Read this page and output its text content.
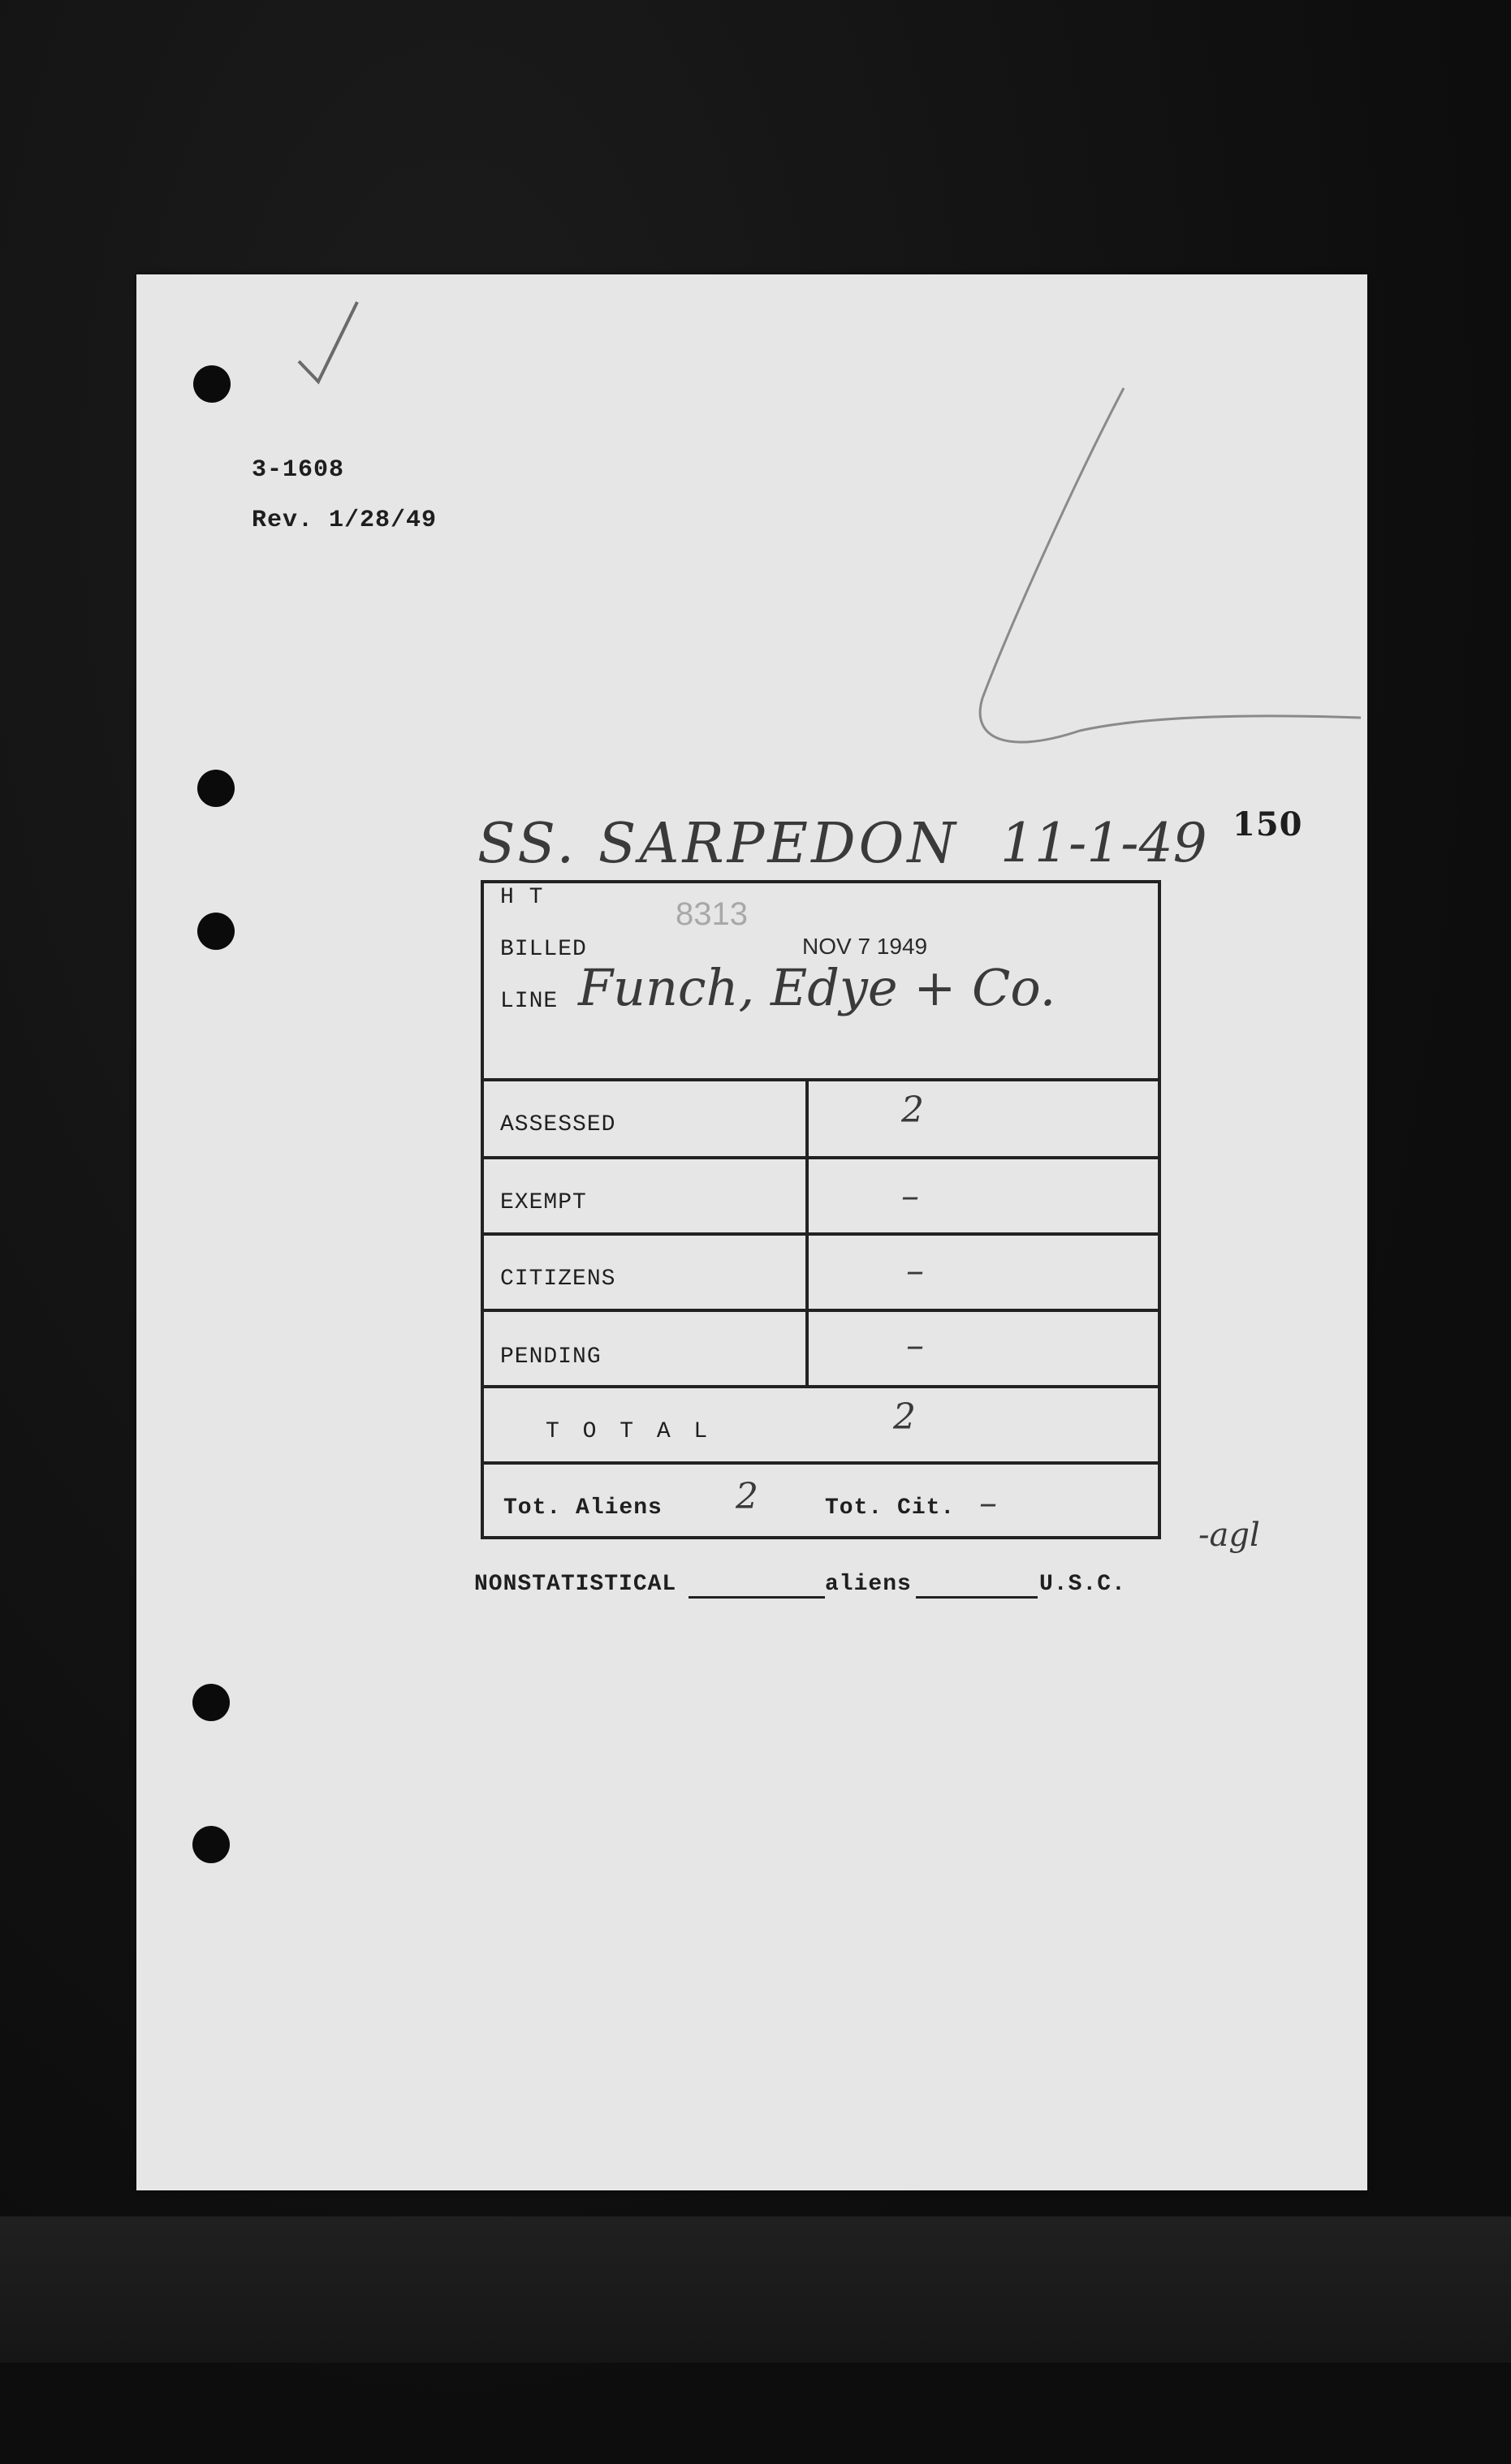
3-1608
Rev. 1/28/49
SS. SARPEDON 11-1-49 150
H T	8313
BILLED	NOV 7 1949
LINE Funch, Edye + Co.
ASSESSED	2
EXEMPT	–
CITIZENS	–
PENDING	–
T O T A L	2
Tot. Aliens 2	Tot. Cit. –
-agl
NONSTATISTICAL	aliens	U.S.C.
